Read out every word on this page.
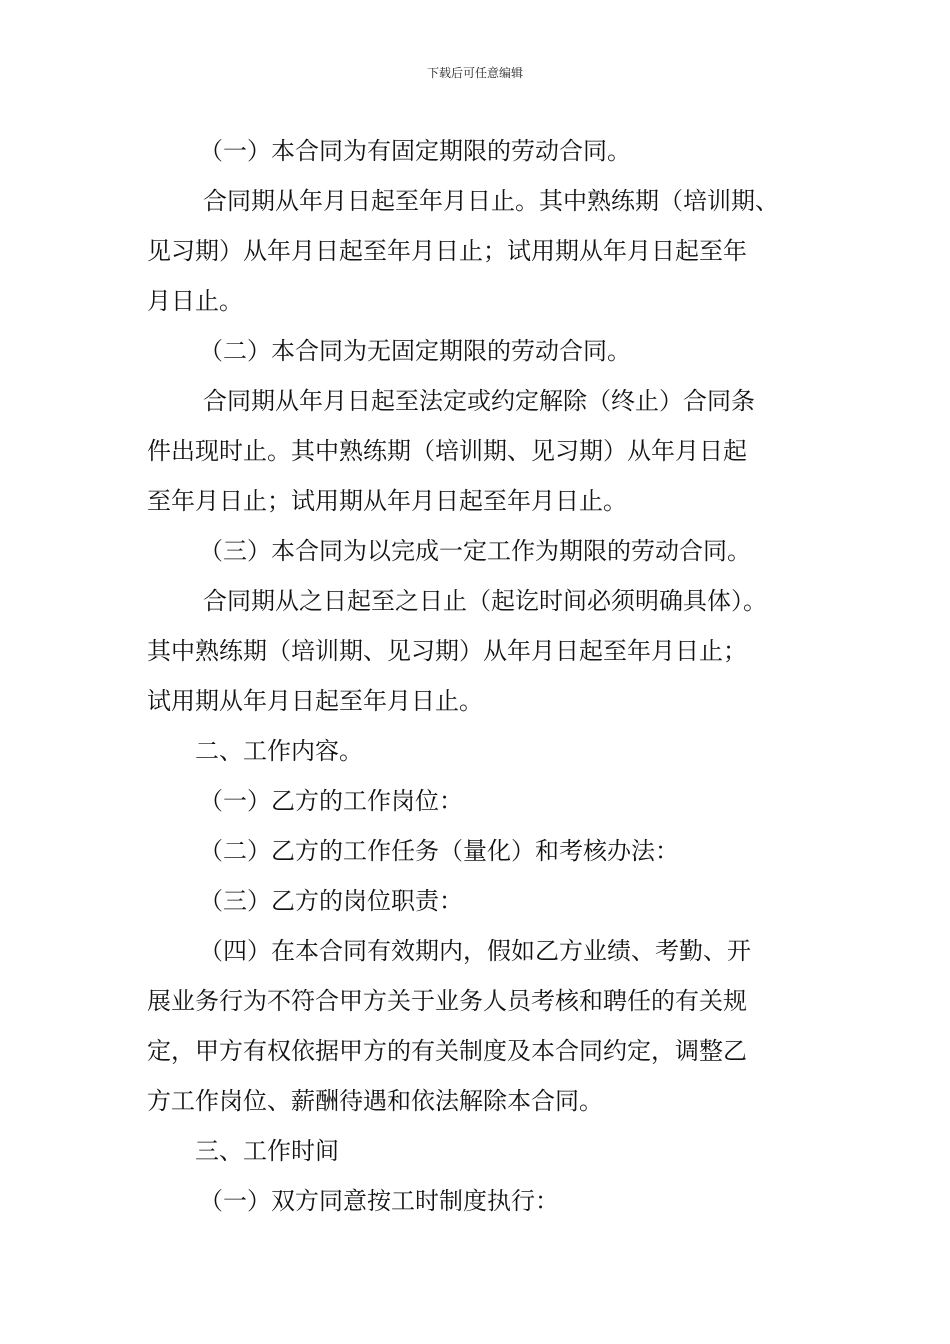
下载后可任意编辑
（一）本合同为有固定期限的劳动合同。
合同期从年月日起至年月日止。其中熟练期（培训期、
见习期）从年月日起至年月日止；试用期从年月日起至年
月日止。
（二）本合同为无固定期限的劳动合同。
合同期从年月日起至法定或约定解除（终止）合同条
件出现时止。其中熟练期（培训期、见习期）从年月日起
至年月日止；试用期从年月日起至年月日止。
（三）本合同为以完成一定工作为期限的劳动合同。
合同期从之日起至之日止（起讫时间必须明确具体）。
其中熟练期（培训期、见习期）从年月日起至年月日止；
试用期从年月日起至年月日止。
二、工作内容。
（一）乙方的工作岗位：
（二）乙方的工作任务（量化）和考核办法：
（三）乙方的岗位职责：
（四）在本合同有效期内，假如乙方业绩、考勤、开
展业务行为不符合甲方关于业务人员考核和聘任的有关规
定，甲方有权依据甲方的有关制度及本合同约定，调整乙
方工作岗位、薪酬待遇和依法解除本合同。
三、工作时间
（一）双方同意按工时制度执行：
